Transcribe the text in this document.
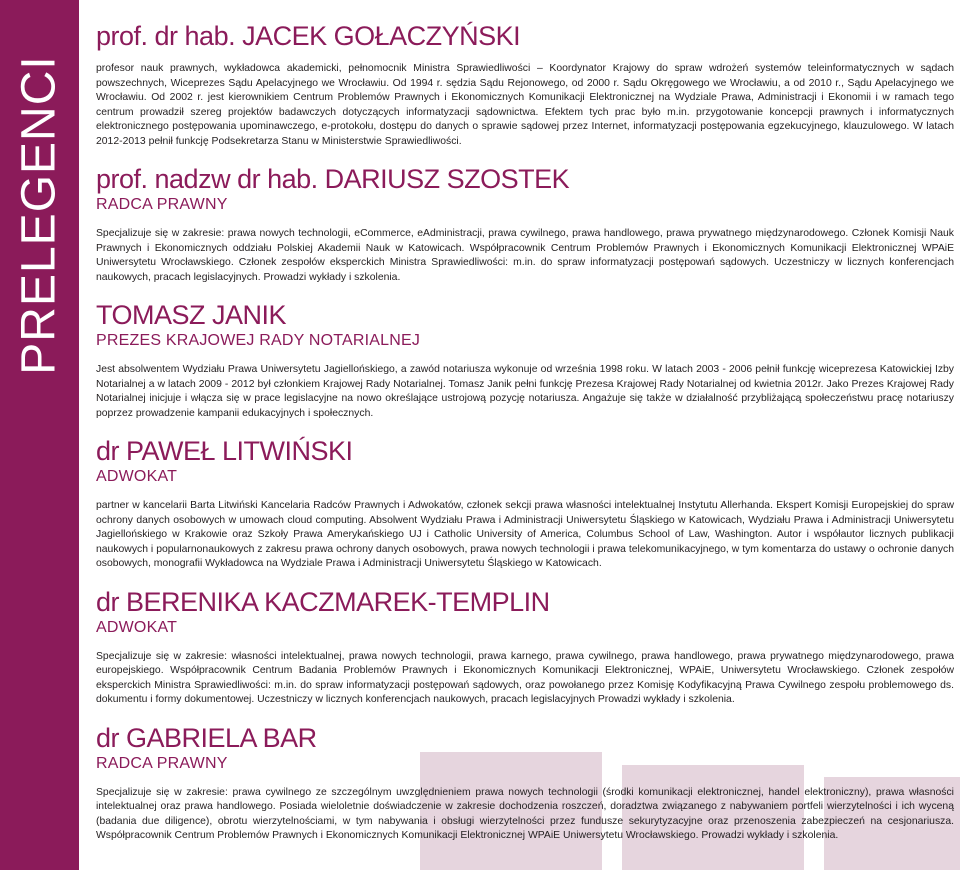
PRELEGENCI
prof. dr hab. JACEK GOŁACZYŃSKI

profesor nauk prawnych, wykładowca akademicki, pełnomocnik Ministra Sprawiedliwości – Koordynator Krajowy do spraw wdrożeń systemów teleinformatycznych w sądach powszechnych, Wiceprezes Sądu Apelacyjnego we Wrocławiu. Od 1994 r. sędzia Sądu Rejonowego, od 2000 r. Sądu Okręgowego we Wrocławiu, a od 2010 r., Sądu Apelacyjnego we Wrocławiu. Od 2002 r. jest kierownikiem Centrum Problemów Prawnych i Ekonomicznych Komunikacji Elektronicznej na Wydziale Prawa, Administracji i Ekonomii i w ramach tego centrum prowadził szereg projektów badawczych dotyczących informatyzacji sądownictwa. Efektem tych prac było m.in. przygotowanie koncepcji prawnych i informatycznych elektronicznego postępowania upominawczego, e-protokołu, dostępu do danych o sprawie sądowej przez Internet, informatyzacji postępowania egzekucyjnego, klauzulowego. W latach 2012-2013 pełnił funkcję Podsekretarza Stanu w Ministerstwie Sprawiedliwości.

prof. nadzw dr hab. DARIUSZ SZOSTEK
RADCA PRAWNY

Specjalizuje się w zakresie: prawa nowych technologii, eCommerce, eAdministracji, prawa cywilnego, prawa handlowego, prawa prywatnego międzynarodowego. Członek Komisji Nauk Prawnych i Ekonomicznych oddziału Polskiej Akademii Nauk w Katowicach. Współpracownik Centrum Problemów Prawnych i Ekonomicznych Komunikacji Elektronicznej WPAiE Uniwersytetu Wrocławskiego. Członek zespołów eksperckich Ministra Sprawiedliwości: m.in. do spraw informatyzacji postępowań sądowych. Uczestniczy w licznych konferencjach naukowych, pracach legislacyjnych. Prowadzi wykłady i szkolenia.

TOMASZ JANIK
PREZES KRAJOWEJ RADY NOTARIALNEJ

Jest absolwentem Wydziału Prawa Uniwersytetu Jagiellońskiego, a zawód notariusza wykonuje od września 1998 roku. W latach 2003 - 2006 pełnił funkcję wiceprezesa Katowickiej Izby Notarialnej a w latach 2009 - 2012 był członkiem Krajowej Rady Notarialnej. Tomasz Janik pełni funkcję Prezesa Krajowej Rady Notarialnej od kwietnia 2012r. Jako Prezes Krajowej Rady Notarialnej inicjuje i włącza się w prace legislacyjne na nowo określające ustrojową pozycję notariusza. Angażuje się także w działalność przybliżającą społeczeństwu pracę notariuszy poprzez prowadzenie kampanii edukacyjnych i społecznych.

dr PAWEŁ LITWIŃSKI
ADWOKAT

partner w kancelarii Barta Litwiński Kancelaria Radców Prawnych i Adwokatów, członek sekcji prawa własności intelektualnej Instytutu Allerhanda. Ekspert Komisji Europejskiej do spraw ochrony danych osobowych w umowach cloud computing. Absolwent Wydziału Prawa i Administracji Uniwersytetu Śląskiego w Katowicach, Wydziału Prawa i Administracji Uniwersytetu Jagiellońskiego w Krakowie oraz Szkoły Prawa Amerykańskiego UJ i Catholic University of America, Columbus School of Law, Washington. Autor i współautor licznych publikacji naukowych i popularnonaukowych z zakresu prawa ochrony danych osobowych, prawa nowych technologii i prawa telekomunikacyjnego, w tym komentarza do ustawy o ochronie danych osobowych, monografii Wykładowca na Wydziale Prawa i Administracji Uniwersytetu Śląskiego w Katowicach.

dr BERENIKA KACZMAREK-TEMPLIN
ADWOKAT

Specjalizuje się w zakresie: własności intelektualnej, prawa nowych technologii, prawa karnego, prawa cywilnego, prawa handlowego, prawa prywatnego międzynarodowego, prawa europejskiego. Współpracownik Centrum Badania Problemów Prawnych i Ekonomicznych Komunikacji Elektronicznej, WPAiE, Uniwersytetu Wrocławskiego. Członek zespołów eksperckich Ministra Sprawiedliwości: m.in. do spraw informatyzacji postępowań sądowych, oraz powołanego przez Komisję Kodyfikacyjną Prawa Cywilnego zespołu problemowego ds. dokumentu i formy dokumentowej. Uczestniczy w licznych konferencjach naukowych, pracach legislacyjnych Prowadzi wykłady i szkolenia.

dr GABRIELA BAR
RADCA PRAWNY

Specjalizuje się w zakresie: prawa cywilnego ze szczególnym uwzględnieniem prawa nowych technologii (środki komunikacji elektronicznej, handel elektroniczny), prawa własności intelektualnej oraz prawa handlowego. Posiada wieloletnie doświadczenie w zakresie dochodzenia roszczeń, doradztwa związanego z nabywaniem portfeli wierzytelności i ich wyceną (badania due diligence), obrotu wierzytelnościami, w tym nabywania i obsługi wierzytelności przez fundusze sekurytyzacyjne oraz przenoszenia zabezpieczeń na cesjonariusza. Współpracownik Centrum Problemów Prawnych i Ekonomicznych Komunikacji Elektronicznej WPAiE Uniwersytetu Wrocławskiego. Prowadzi wykłady i szkolenia.
